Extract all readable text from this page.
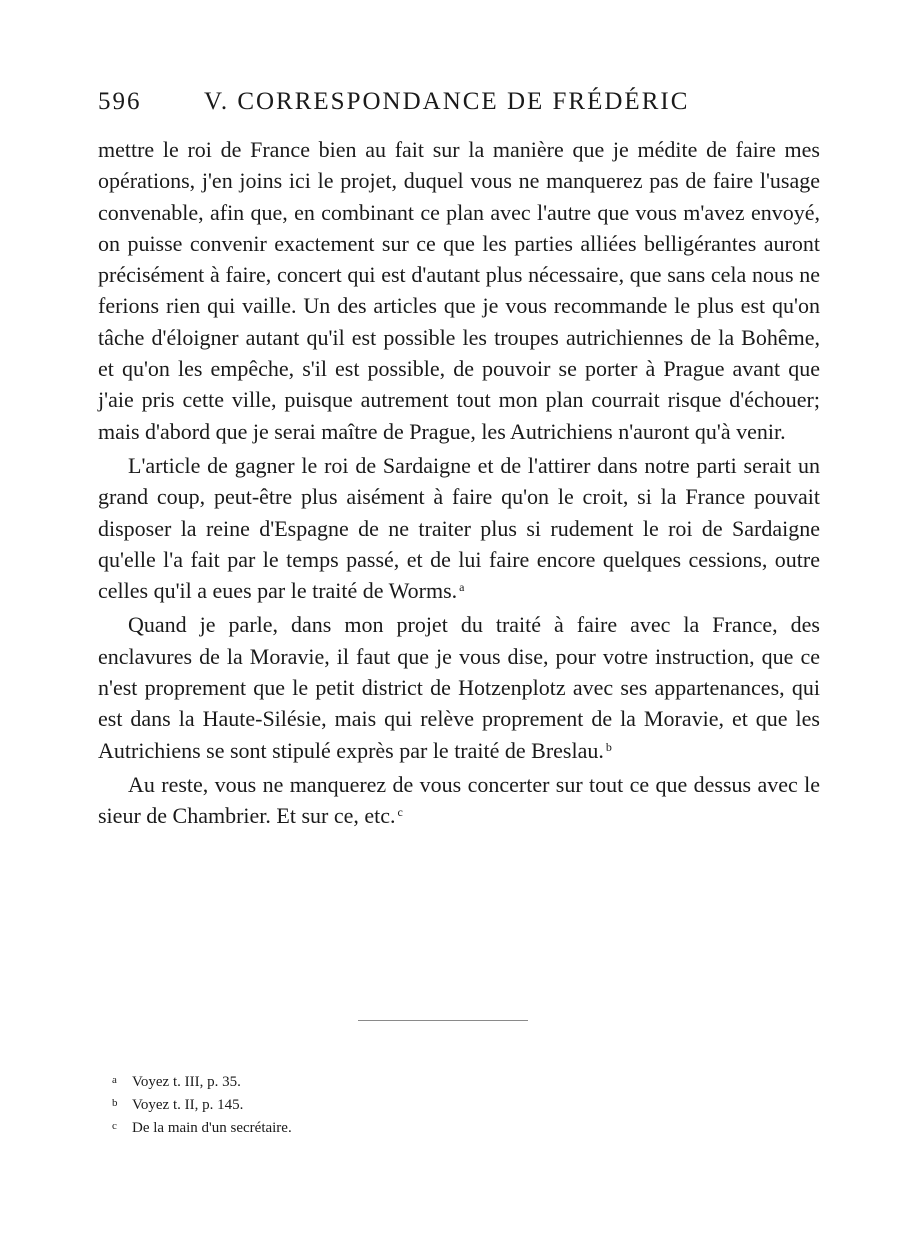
596	V. CORRESPONDANCE DE FRÉDÉRIC

mettre le roi de France bien au fait sur la manière que je médite de faire mes opérations, j'en joins ici le projet, duquel vous ne manquerez pas de faire l'usage convenable, afin que, en combinant ce plan avec l'autre que vous m'avez envoyé, on puisse convenir exactement sur ce que les parties alliées belligérantes auront précisément à faire, concert qui est d'autant plus nécessaire, que sans cela nous ne ferions rien qui vaille. Un des articles que je vous recommande le plus est qu'on tâche d'éloigner autant qu'il est possible les troupes autrichiennes de la Bohême, et qu'on les empêche, s'il est possible, de pouvoir se porter à Prague avant que j'aie pris cette ville, puisque autrement tout mon plan courrait risque d'échouer; mais d'abord que je serai maître de Prague, les Autrichiens n'auront qu'à venir.

L'article de gagner le roi de Sardaigne et de l'attirer dans notre parti serait un grand coup, peut-être plus aisément à faire qu'on le croit, si la France pouvait disposer la reine d'Espagne de ne traiter plus si rudement le roi de Sardaigne qu'elle l'a fait par le temps passé, et de lui faire encore quelques cessions, outre celles qu'il a eues par le traité de Worms. $^a$

Quand je parle, dans mon projet du traité à faire avec la France, des enclavures de la Moravie, il faut que je vous dise, pour votre instruction, que ce n'est proprement que le petit district de Hotzenplotz avec ses appartenances, qui est dans la Haute-Silésie, mais qui relève proprement de la Moravie, et que les Autrichiens se sont stipulé exprès par le traité de Breslau. $^b$

Au reste, vous ne manquerez de vous concerter sur tout ce que dessus avec le sieur de Chambrier. Et sur ce, etc. $^c$

a Voyez t. III, p. 35.
b Voyez t. II, p. 145.
c De la main d'un secrétaire.
